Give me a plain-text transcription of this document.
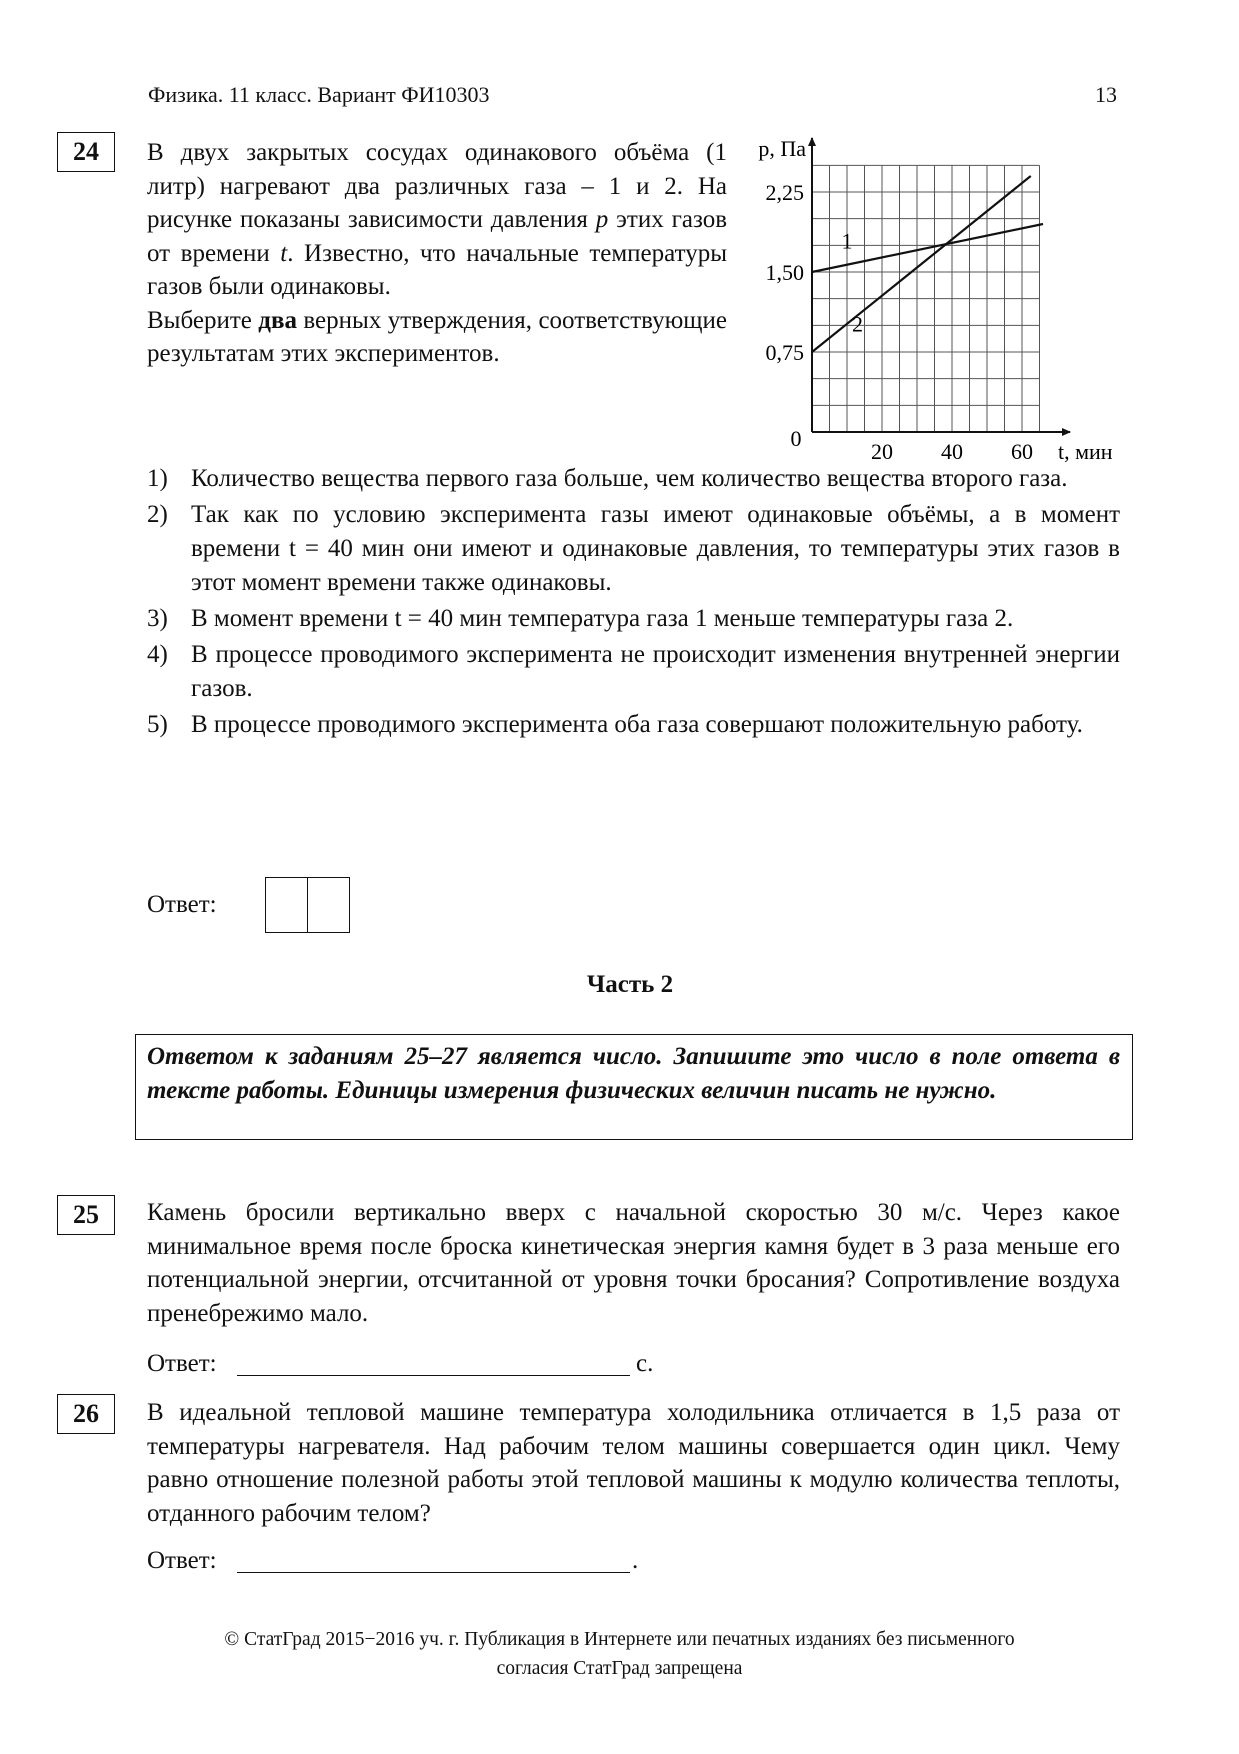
Физика. 11 класс. Вариант ФИ10303	13
24	В двух закрытых сосудах одинакового объёма (1 литр) нагревают два различных газа – 1 и 2. На рисунке показаны зависимости давления p этих газов от времени t. Известно, что начальные температуры газов были одинаковы.
Выберите два верных утверждения, соответствующие результатам этих экспериментов.
1
2
0,75
1,50
2,25
20 40 60
0
p, Па
t, мин
1) Количество вещества первого газа больше, чем количество вещества второго газа.
2) Так как по условию эксперимента газы имеют одинаковые объёмы, а в момент времени t = 40 мин они имеют и одинаковые давления, то температуры этих газов в этот момент времени также одинаковы.
3) В момент времени t = 40 мин температура газа 1 меньше температуры газа 2.
4) В процессе проводимого эксперимента не происходит изменения внутренней энергии газов.
5) В процессе проводимого эксперимента оба газа совершают положительную работу.
Ответ:
Часть 2
Ответом к заданиям 25–27 является число. Запишите это число в поле ответа в тексте работы. Единицы измерения физических величин писать не нужно.
25	Камень бросили вертикально вверх с начальной скоростью 30 м/с. Через какое минимальное время после броска кинетическая энергия камня будет в 3 раза меньше его потенциальной энергии, отсчитанной от уровня точки бросания? Сопротивление воздуха пренебрежимо мало.
Ответ:	с.
26	В идеальной тепловой машине температура холодильника отличается в 1,5 раза от температуры нагревателя. Над рабочим телом машины совершается один цикл. Чему равно отношение полезной работы этой тепловой машины к модулю количества теплоты, отданного рабочим телом?
Ответ:	.
© СтатГрад 2015−2016 уч. г. Публикация в Интернете или печатных изданиях без письменного
согласия СтатГрад запрещена
